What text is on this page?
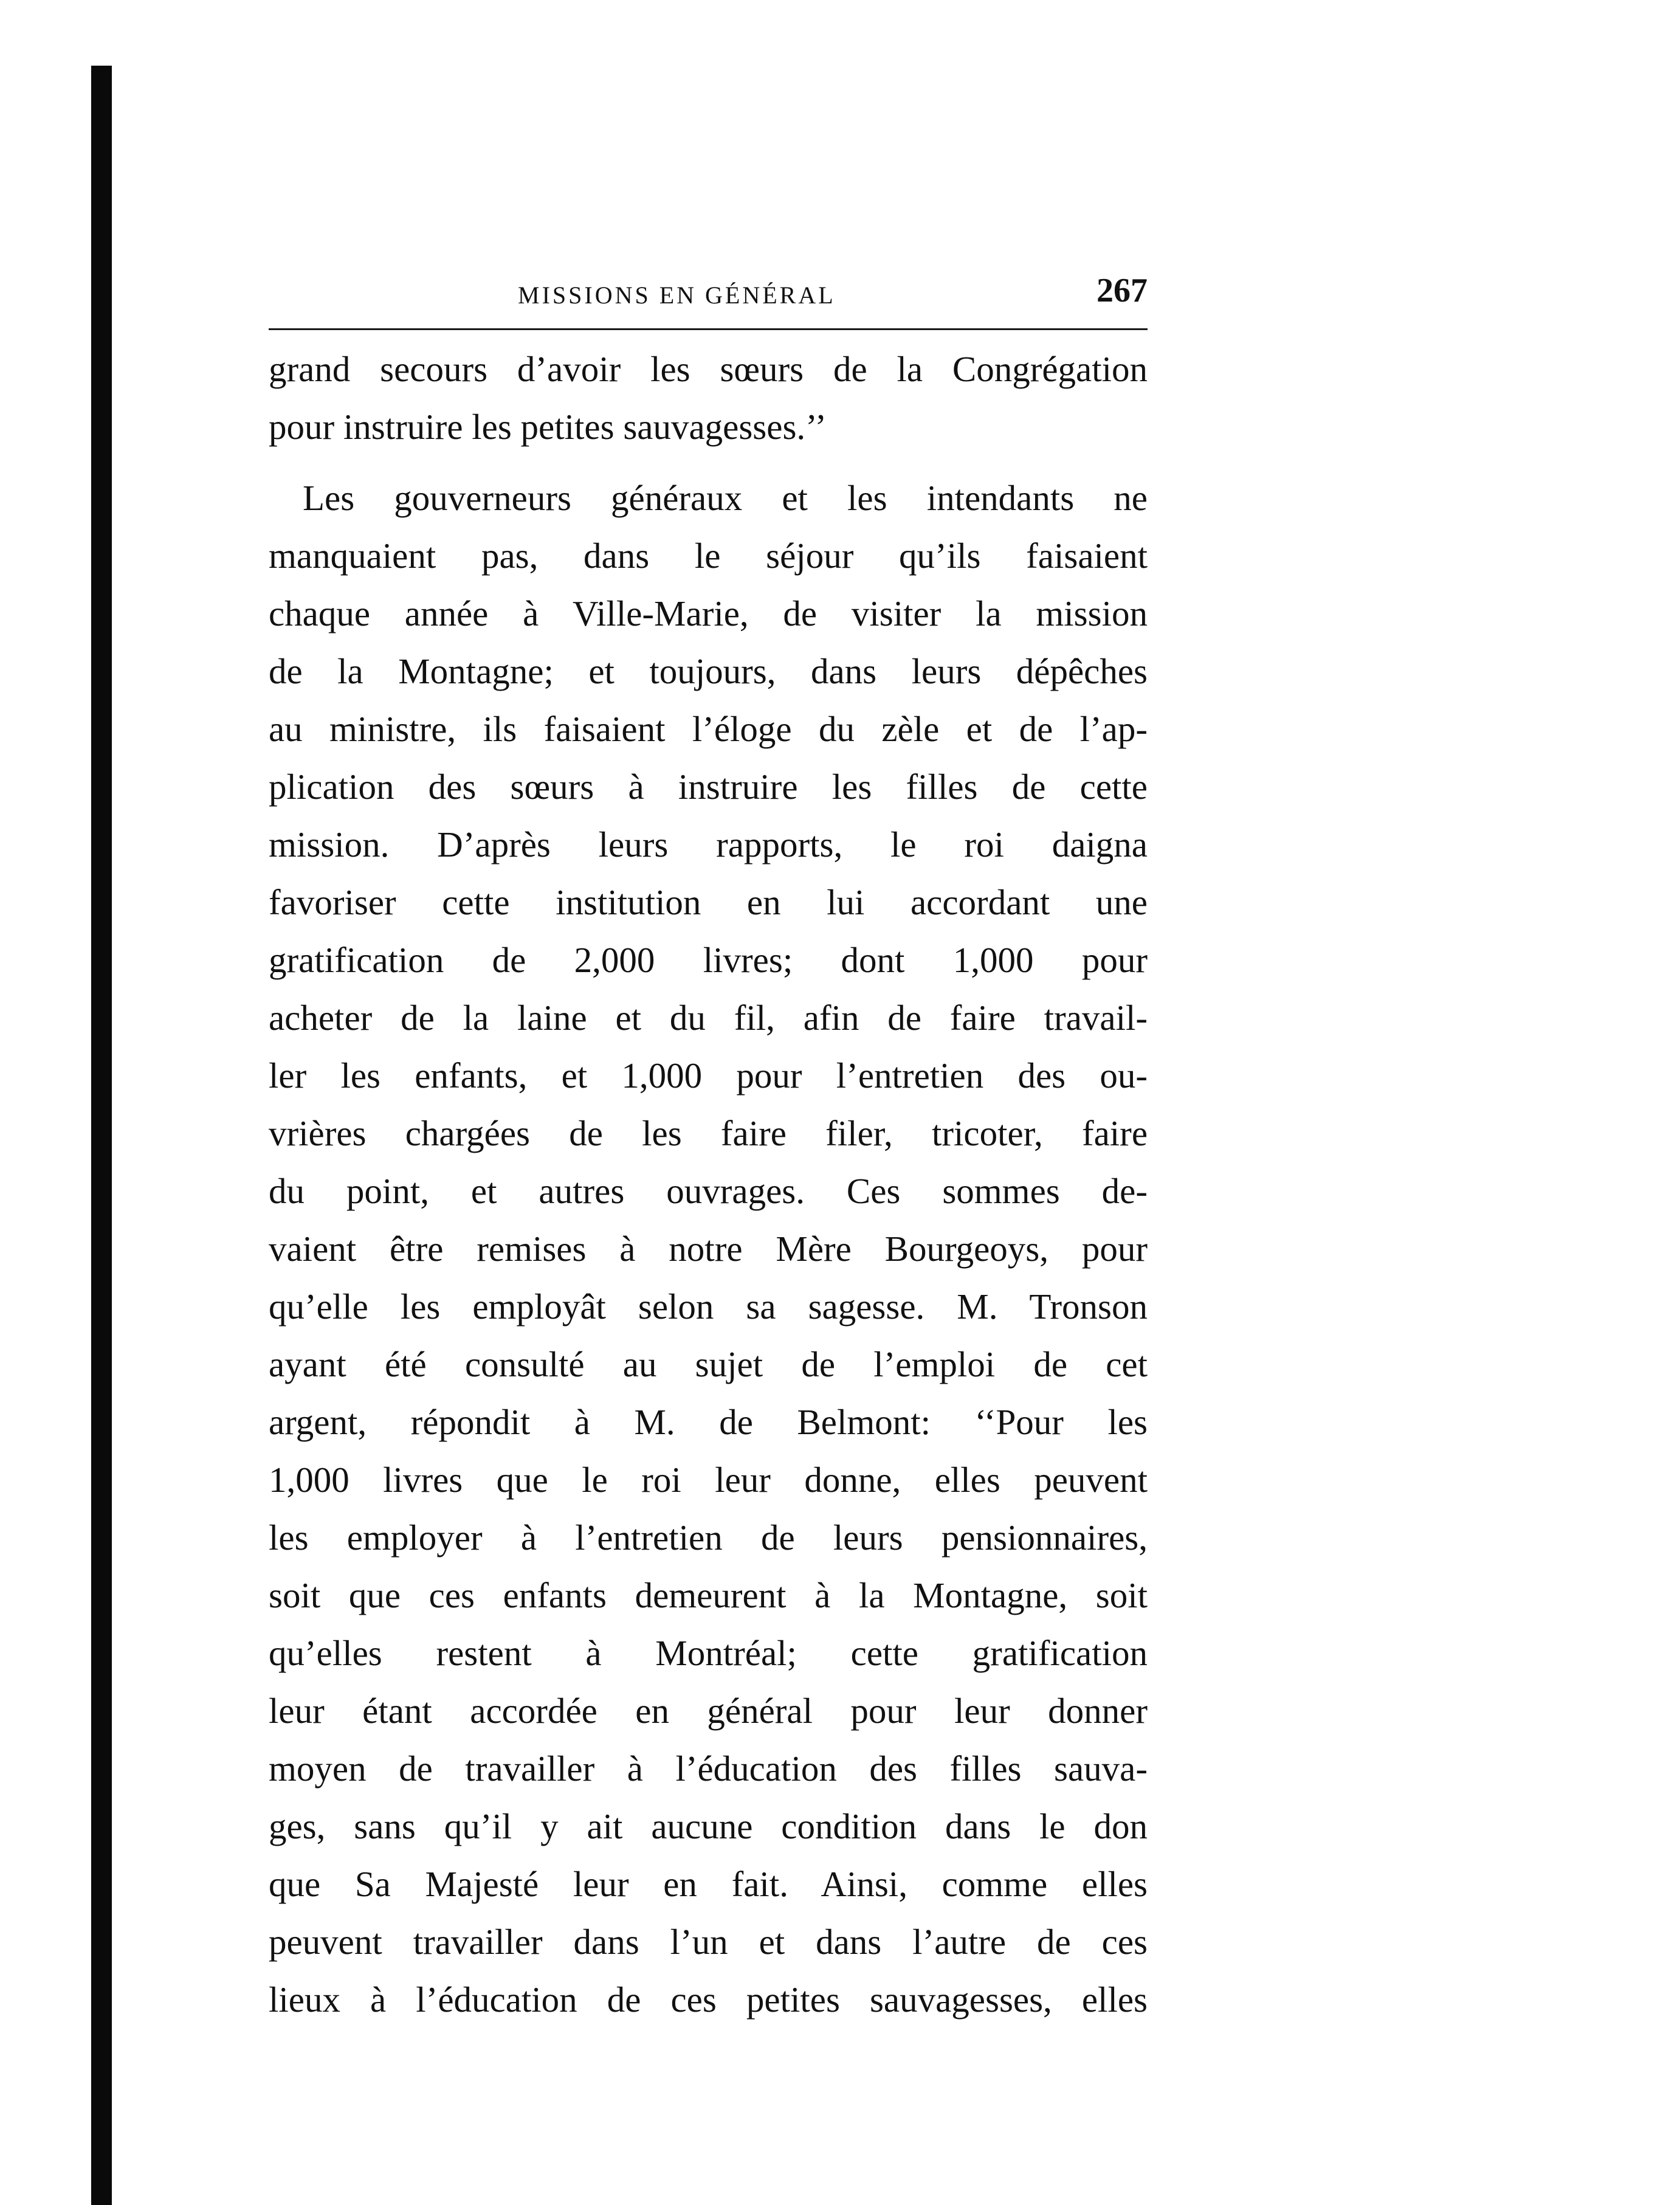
MISSIONS EN GÉNÉRAL	267
grand secours d’avoir les sœurs de la Congrégation
pour instruire les petites sauvagesses.’’
Les gouverneurs généraux et les intendants ne
manquaient pas, dans le séjour qu’ils faisaient
chaque année à Ville-Marie, de visiter la mission
de la Montagne; et toujours, dans leurs dépêches
au ministre, ils faisaient l’éloge du zèle et de l’ap-
plication des sœurs à instruire les filles de cette
mission. D’après leurs rapports, le roi daigna
favoriser cette institution en lui accordant une
gratification de 2,000 livres; dont 1,000 pour
acheter de la laine et du fil, afin de faire travail-
ler les enfants, et 1,000 pour l’entretien des ou-
vrières chargées de les faire filer, tricoter, faire
du point, et autres ouvrages. Ces sommes de-
vaient être remises à notre Mère Bourgeoys, pour
qu’elle les employât selon sa sagesse. M. Tronson
ayant été consulté au sujet de l’emploi de cet
argent, répondit à M. de Belmont: ‘‘Pour les
1,000 livres que le roi leur donne, elles peuvent
les employer à l’entretien de leurs pensionnaires,
soit que ces enfants demeurent à la Montagne, soit
qu’elles restent à Montréal; cette gratification
leur étant accordée en général pour leur donner
moyen de travailler à l’éducation des filles sauva-
ges, sans qu’il y ait aucune condition dans le don
que Sa Majesté leur en fait. Ainsi, comme elles
peuvent travailler dans l’un et dans l’autre de ces
lieux à l’éducation de ces petites sauvagesses, elles
